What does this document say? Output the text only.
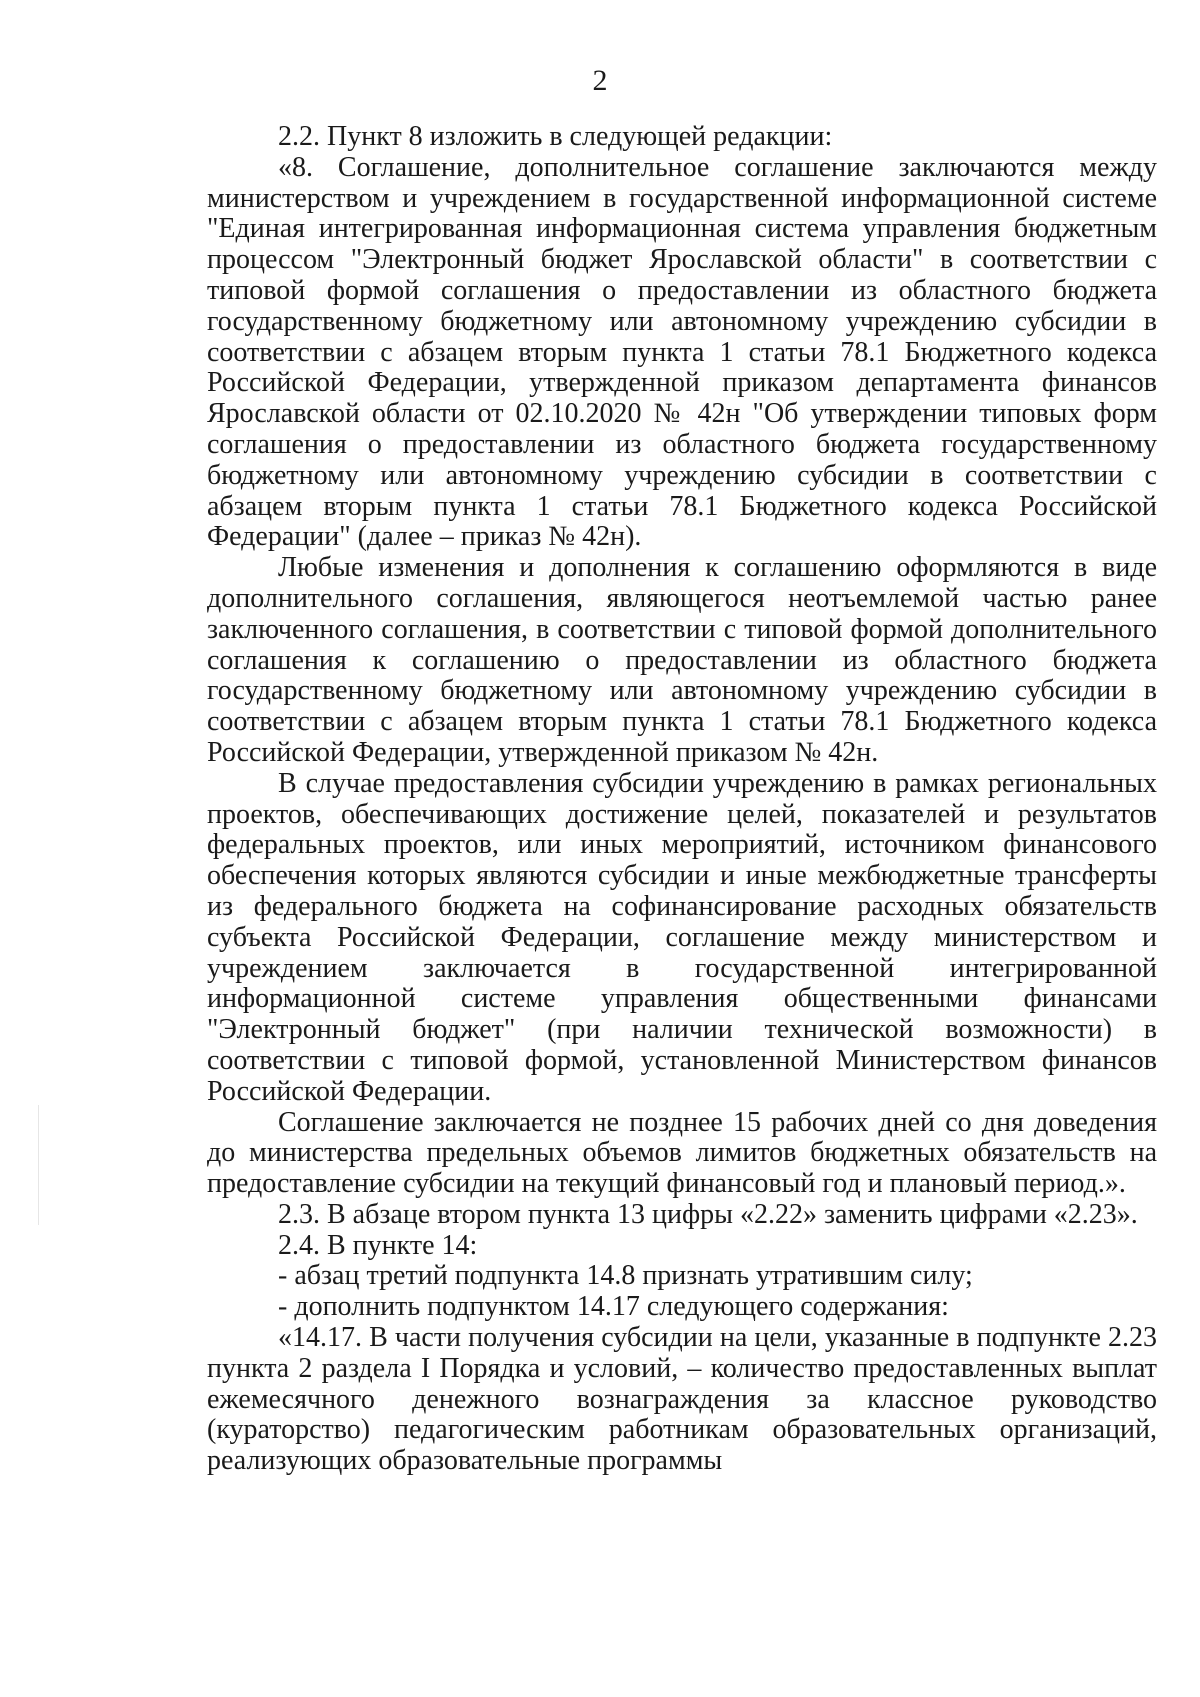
2

2.2. Пункт 8 изложить в следующей редакции:

«8. Соглашение, дополнительное соглашение заключаются между министерством и учреждением в государственной информационной системе "Единая интегрированная информационная система управления бюджетным процессом "Электронный бюджет Ярославской области" в соответствии с типовой формой соглашения о предоставлении из областного бюджета государственному бюджетному или автономному учреждению субсидии в соответствии с абзацем вторым пункта 1 статьи 78.1 Бюджетного кодекса Российской Федерации, утвержденной приказом департамента финансов Ярославской области от 02.10.2020 № 42н "Об утверждении типовых форм соглашения о предоставлении из областного бюджета государственному бюджетному или автономному учреждению субсидии в соответствии с абзацем вторым пункта 1 статьи 78.1 Бюджетного кодекса Российской Федерации" (далее – приказ № 42н).

Любые изменения и дополнения к соглашению оформляются в виде дополнительного соглашения, являющегося неотъемлемой частью ранее заключенного соглашения, в соответствии с типовой формой дополнительного соглашения к соглашению о предоставлении из областного бюджета государственному бюджетному или автономному учреждению субсидии в соответствии с абзацем вторым пункта 1 статьи 78.1 Бюджетного кодекса Российской Федерации, утвержденной приказом № 42н.

В случае предоставления субсидии учреждению в рамках региональных проектов, обеспечивающих достижение целей, показателей и результатов федеральных проектов, или иных мероприятий, источником финансового обеспечения которых являются субсидии и иные межбюджетные трансферты из федерального бюджета на софинансирование расходных обязательств субъекта Российской Федерации, соглашение между министерством и учреждением заключается в государственной интегрированной информационной системе управления общественными финансами "Электронный бюджет" (при наличии технической возможности) в соответствии с типовой формой, установленной Министерством финансов Российской Федерации.

Соглашение заключается не позднее 15 рабочих дней со дня доведения до министерства предельных объемов лимитов бюджетных обязательств на предоставление субсидии на текущий финансовый год и плановый период.».

2.3. В абзаце втором пункта 13 цифры «2.22» заменить цифрами «2.23».

2.4. В пункте 14:

- абзац третий подпункта 14.8 признать утратившим силу;

- дополнить подпунктом 14.17 следующего содержания:

«14.17. В части получения субсидии на цели, указанные в подпункте 2.23 пункта 2 раздела I Порядка и условий, – количество предоставленных выплат ежемесячного денежного вознаграждения за классное руководство (кураторство) педагогическим работникам образовательных организаций, реализующих образовательные программы
